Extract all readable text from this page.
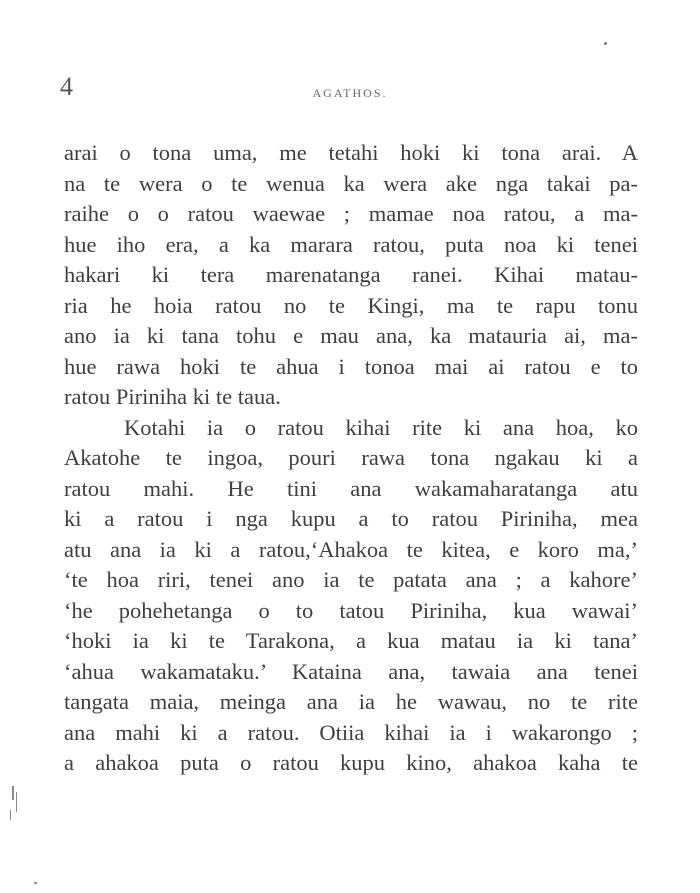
4	AGATHOS.
arai o tona uma, me tetahi hoki ki tona arai. A
na te wera o te wenua ka wera ake nga takai pa-
raihe o o ratou waewae ; mamae noa ratou, a ma-
hue iho era, a ka marara ratou, puta noa ki tenei
hakari ki tera marenatanga ranei. Kihai matau-
ria he hoia ratou no te Kingi, ma te rapu tonu
ano ia ki tana tohu e mau ana, ka matauria ai, ma-
hue rawa hoki te ahua i tonoa mai ai ratou e to
ratou Piriniha ki te taua.
Kotahi ia o ratou kihai rite ki ana hoa, ko
Akatohe te ingoa, pouri rawa tona ngakau ki a
ratou mahi. He tini ana wakamaharatanga atu
ki a ratou i nga kupu a to ratou Piriniha, mea
atu ana ia ki a ratou,‘Ahakoa te kitea, e koro ma,’
‘te hoa riri, tenei ano ia te patata ana ; a kahore’
‘he pohehetanga o to tatou Piriniha, kua wawai’
‘hoki ia ki te Tarakona, a kua matau ia ki tana’
‘ahua wakamataku.’ Kataina ana, tawaia ana tenei
tangata maia, meinga ana ia he wawau, no te rite
ana mahi ki a ratou. Otiia kihai ia i wakarongo ;
a ahakoa puta o ratou kupu kino, ahakoa kaha te
